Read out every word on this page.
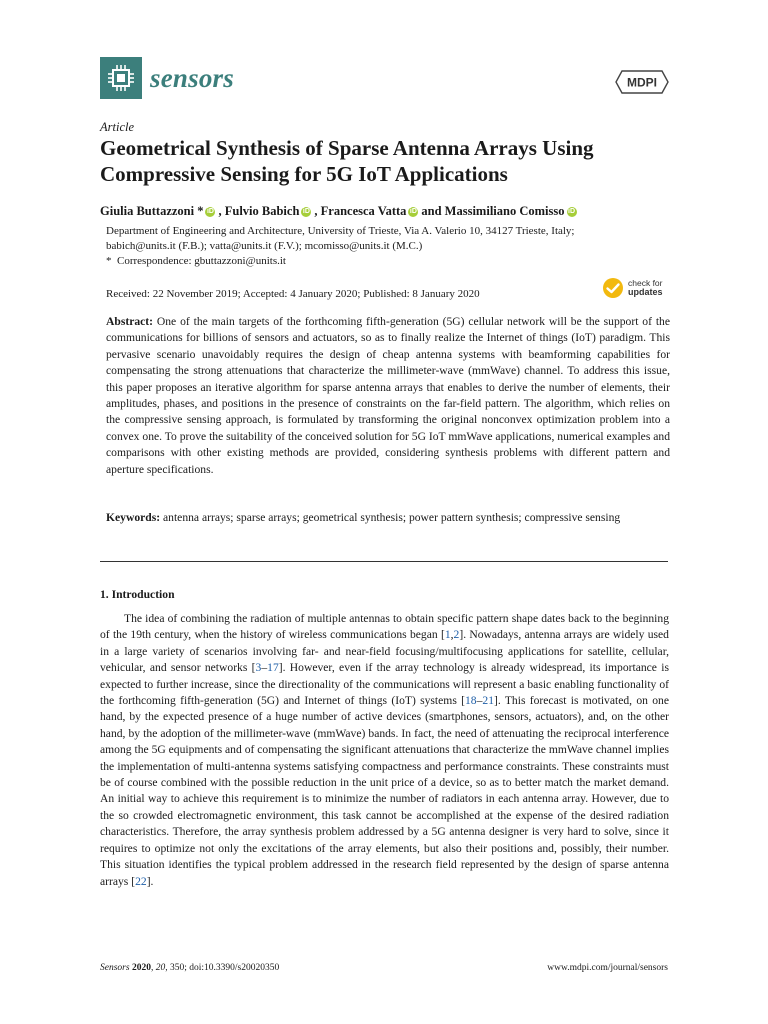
sensors	MDPI
Article
Geometrical Synthesis of Sparse Antenna Arrays Using Compressive Sensing for 5G IoT Applications
Giulia Buttazzoni * iD , Fulvio Babich iD , Francesca Vatta iD and Massimiliano Comisso iD

Department of Engineering and Architecture, University of Trieste, Via A. Valerio 10, 34127 Trieste, Italy;

babich@units.it (F.B.); vatta@units.it (F.V.); mcomisso@units.it (M.C.)

* Correspondence: gbuttazzoni@units.it

Received: 22 November 2019; Accepted: 4 January 2020; Published: 8 January 2020
check for
updates

Abstract: One of the main targets of the forthcoming fifth-generation (5G) cellular network will be the support of the communications for billions of sensors and actuators, so as to finally realize the Internet of things (IoT) paradigm. This pervasive scenario unavoidably requires the design of cheap antenna systems with beamforming capabilities for compensating the strong attenuations that characterize the millimeter-wave (mmWave) channel. To address this issue, this paper proposes an iterative algorithm for sparse antenna arrays that enables to derive the number of elements, their amplitudes, phases, and positions in the presence of constraints on the far-field pattern. The algorithm, which relies on the compressive sensing approach, is formulated by transforming the original nonconvex optimization problem into a convex one. To prove the suitability of the conceived solution for 5G IoT mmWave applications, numerical examples and comparisons with other existing methods are provided, considering synthesis problems with different pattern and aperture specifications.

Keywords: antenna arrays; sparse arrays; geometrical synthesis; power pattern synthesis; compressive sensing

1. Introduction

The idea of combining the radiation of multiple antennas to obtain specific pattern shape dates back to the beginning of the 19th century, when the history of wireless communications began [1,2]. Nowadays, antenna arrays are widely used in a large variety of scenarios involving far- and near-field focusing/multifocusing applications for satellite, cellular, vehicular, and sensor networks [3–17]. However, even if the array technology is already widespread, its importance is expected to further increase, since the directionality of the communications will represent a basic enabling functionality of the forthcoming fifth-generation (5G) and Internet of things (IoT) systems [18–21]. This forecast is motivated, on one hand, by the expected presence of a huge number of active devices (smartphones, sensors, actuators), and, on the other hand, by the adoption of the millimeter-wave (mmWave) bands. In fact, the need of attenuating the reciprocal interference among the 5G equipments and of compensating the significant attenuations that characterize the mmWave channel implies the implementation of multi-antenna systems satisfying compactness and performance constraints. These constraints must be of course combined with the possible reduction in the unit price of a device, so as to better match the market demand. An initial way to achieve this requirement is to minimize the number of radiators in each antenna array. However, due to the so crowded electromagnetic environment, this task cannot be accomplished at the expense of the desired radiation characteristics. Therefore, the array synthesis problem addressed by a 5G antenna designer is very hard to solve, since it requires to optimize not only the excitations of the array elements, but also their positions and, possibly, their number. This situation identifies the typical problem addressed in the research field represented by the design of sparse antenna arrays [22].

Sensors 2020, 20, 350; doi:10.3390/s20020350	www.mdpi.com/journal/sensors
